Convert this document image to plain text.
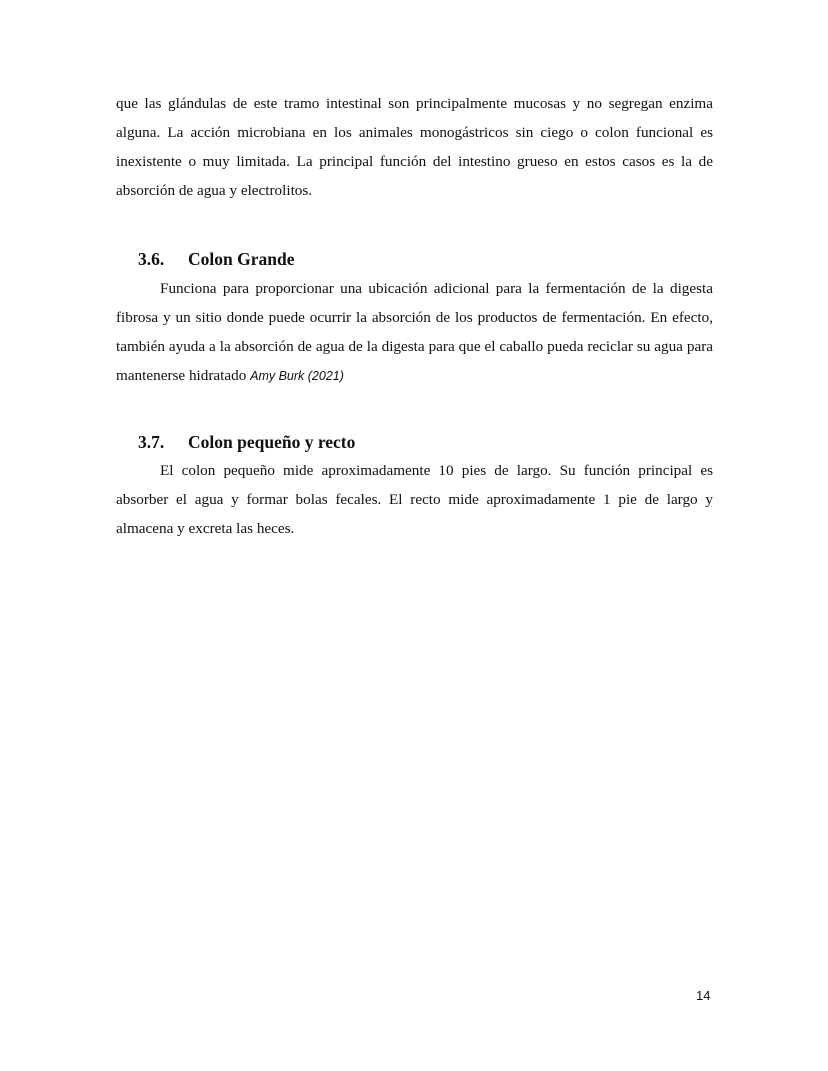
que las glándulas de este tramo intestinal son principalmente mucosas y no segregan enzima alguna. La acción microbiana en los animales monogástricos sin ciego o colon funcional es inexistente o muy limitada. La principal función del intestino grueso en estos casos es la de absorción de agua y electrolitos.

3.6. Colon Grande

Funciona para proporcionar una ubicación adicional para la fermentación de la digesta fibrosa y un sitio donde puede ocurrir la absorción de los productos de fermentación. En efecto, también ayuda a la absorción de agua de la digesta para que el caballo pueda reciclar su agua para mantenerse hidratado Amy Burk (2021)

3.7. Colon pequeño y recto

El colon pequeño mide aproximadamente 10 pies de largo. Su función principal es absorber el agua y formar bolas fecales. El recto mide aproximadamente 1 pie de largo y almacena y excreta las heces.

14
